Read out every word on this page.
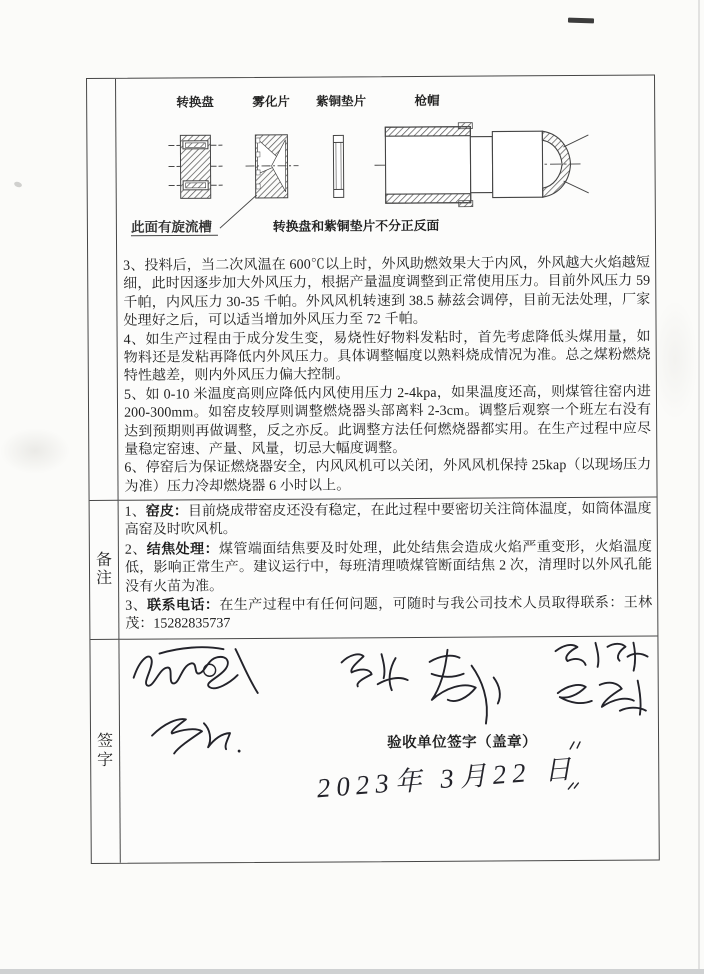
转换盘	雾化片 紫铜垫片	枪帽
此面有旋流槽	转换盘和紫铜垫片不分正反面

3、投料后，当二次风温在 600℃以上时，外风助燃效果大于内风，外风越大火焰越短细，此时因逐步加大外风压力，根据产量温度调整到正常使用压力。目前外风压力 59 千帕，内风压力 30-35 千帕。外风风机转速到 38.5 赫兹会调停，目前无法处理，厂家处理好之后，可以适当增加外风压力至 72 千帕。

4、如生产过程由于成分发生变，易烧性好物料发粘时，首先考虑降低头煤用量，如物料还是发粘再降低内外风压力。具体调整幅度以熟料烧成情况为准。总之煤粉燃烧特性越差，则内外风压力偏大控制。

5、如 0-10 米温度高则应降低内风使用压力 2-4kpa，如果温度还高，则煤管往窑内进 200-300mm。如窑皮较厚则调整燃烧器头部离料 2-3cm。调整后观察一个班左右没有达到预期则再做调整，反之亦反。此调整方法任何燃烧器都实用。在生产过程中应尽量稳定窑速、产量、风量，切忌大幅度调整。

6、停窑后为保证燃烧器安全，内风风机可以关闭，外风风机保持 25kap（以现场压力为准）压力冷却燃烧器 6 小时以上。

备注

1、窑皮：目前烧成带窑皮还没有稳定，在此过程中要密切关注筒体温度，如筒体温度高窑及时吹风机。

2、结焦处理：煤管端面结焦要及时处理，此处结焦会造成火焰严重变形，火焰温度低，影响正常生产。建议运行中，每班清理喷煤管断面结焦 2 次，清理时以外风孔能没有火苗为准。

3、联系电话：在生产过程中有任何问题，可随时与我公司技术人员取得联系：王林茂：15282835737

签字
验收单位签字（盖章）
2023年 3月22 日
